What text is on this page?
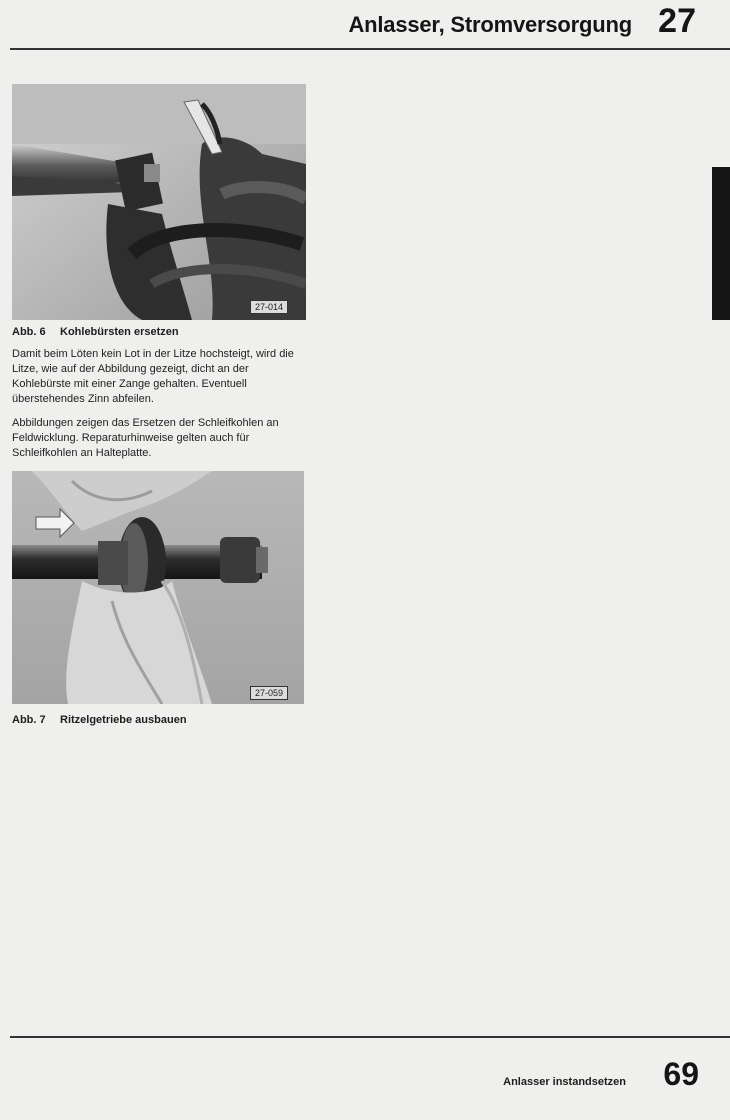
Anlasser, Stromversorgung 27
27-014
Abb. 6 Kohlebürsten ersetzen

Damit beim Löten kein Lot in der Litze hochsteigt, wird die Litze, wie auf der Abbildung gezeigt, dicht an der Kohlebürste mit einer Zange gehalten. Eventuell überstehendes Zinn abfeilen.

Abbildungen zeigen das Ersetzen der Schleifkohlen an Feldwicklung. Reparaturhinweise gelten auch für Schleifkohlen an Halteplatte.

27-059
Abb. 7 Ritzelgetriebe ausbauen
Anlasser instandsetzen 69
